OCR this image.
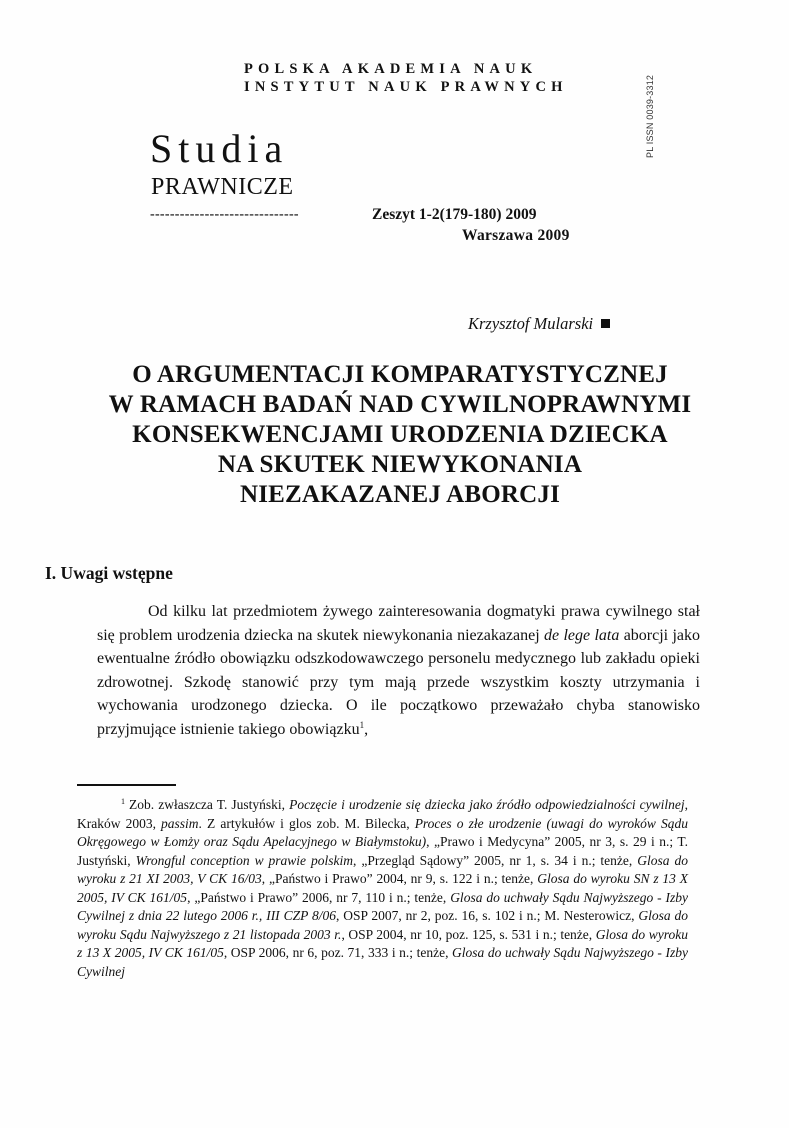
POLSKA AKADEMIA NAUK
INSTYTUT NAUK PRAWNYCH	PL ISSN 0039-3312
Studia
PRAWNICZE
------------------------------	Zeszyt 1-2(179-180) 2009
Warszawa 2009
Krzysztof Mularski
O ARGUMENTACJI KOMPARATYSTYCZNEJ
W RAMACH BADAŃ NAD CYWILNOPRAWNYMI
KONSEKWENCJAMI URODZENIA DZIECKA
NA SKUTEK NIEWYKONANIA
NIEZAKAZANEJ ABORCJI
I. Uwagi wstępne

Od kilku lat przedmiotem żywego zainteresowania dogmatyki prawa cywilnego stał się problem urodzenia dziecka na skutek niewykonania niezakazanej de lege lata aborcji jako ewentualne źródło obowiązku odszkodowawczego personelu medycznego lub zakładu opieki zdrowotnej. Szkodę stanowić przy tym mają przede wszystkim koszty utrzymania i wychowania urodzonego dziecka. O ile początkowo przeważało chyba stanowisko przyjmujące istnienie takiego obowiązku$^1$,

$^1$ Zob. zwłaszcza T. Justyński, Poczęcie i urodzenie się dziecka jako źródło odpowiedzialności cywilnej, Kraków 2003, passim. Z artykułów i glos zob. M. Bilecka, Proces o złe urodzenie (uwagi do wyroków Sądu Okręgowego w Łomży oraz Sądu Apelacyjnego w Białymstoku), „Prawo i Medycyna” 2005, nr 3, s. 29 i n.; T. Justyński, Wrongful conception w prawie polskim, „Przegląd Sądowy” 2005, nr 1, s. 34 i n.; tenże, Glosa do wyroku z 21 XI 2003, V CK 16/03, „Państwo i Prawo” 2004, nr 9, s. 122 i n.; tenże, Glosa do wyroku SN z 13 X 2005, IV CK 161/05, „Państwo i Prawo” 2006, nr 7, 110 i n.; tenże, Glosa do uchwały Sądu Najwyższego - Izby Cywilnej z dnia 22 lutego 2006 r., III CZP 8/06, OSP 2007, nr 2, poz. 16, s. 102 i n.; M. Nesterowicz, Glosa do wyroku Sądu Najwyższego z 21 listopada 2003 r., OSP 2004, nr 10, poz. 125, s. 531 i n.; tenże, Glosa do wyroku z 13 X 2005, IV CK 161/05, OSP 2006, nr 6, poz. 71, 333 i n.; tenże, Glosa do uchwały Sądu Najwyższego - Izby Cywilnej
